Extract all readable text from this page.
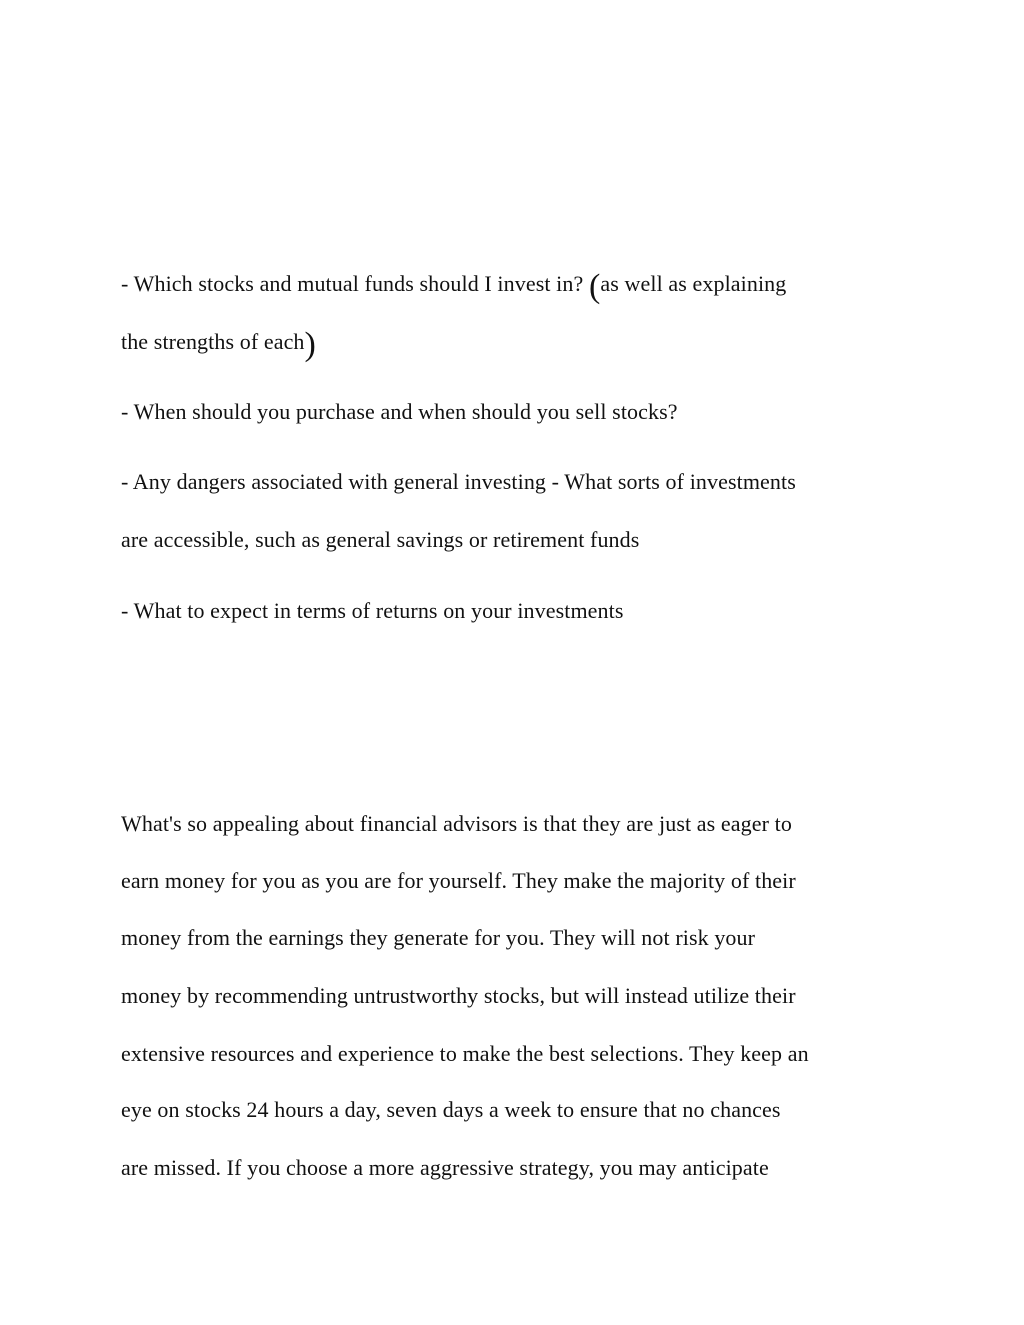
- Which stocks and mutual funds should I invest in? (as well as explaining
the strengths of each)
- When should you purchase and when should you sell stocks?
- Any dangers associated with general investing - What sorts of investments
are accessible, such as general savings or retirement funds
- What to expect in terms of returns on your investments
What's so appealing about financial advisors is that they are just as eager to
earn money for you as you are for yourself. They make the majority of their
money from the earnings they generate for you. They will not risk your
money by recommending untrustworthy stocks, but will instead utilize their
extensive resources and experience to make the best selections. They keep an
eye on stocks 24 hours a day, seven days a week to ensure that no chances
are missed. If you choose a more aggressive strategy, you may anticipate
